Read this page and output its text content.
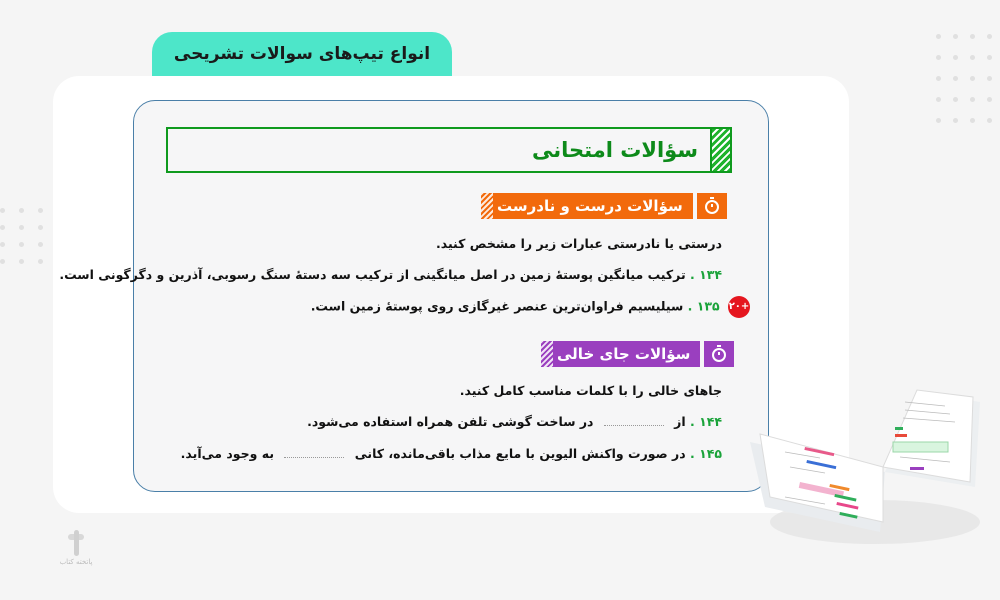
انواع تیپ‌های سوالات تشریحی
سؤالات امتحانی
سؤالات درست و نادرست
درستی یا نادرستی عبارات زیر را مشخص کنید.
۱۳۴ . ترکیب میانگین پوستهٔ زمین در اصل میانگینی از ترکیب سه دستهٔ سنگ رسوبی، آذرین و دگرگونی است.
+۲۰ ۱۳۵ . سیلیسیم فراوان‌ترین عنصر غیرگازی روی پوستهٔ زمین است.
سؤالات جای خالی
جاهای خالی را با کلمات مناسب کامل کنید.
۱۴۴ . از  در ساخت گوشی تلفن همراه استفاده می‌شود.
۱۴۵ . در صورت واکنش الیوین با مایع مذاب باقی‌مانده، کانی  به وجود می‌آید.
پاتخته کتاب
